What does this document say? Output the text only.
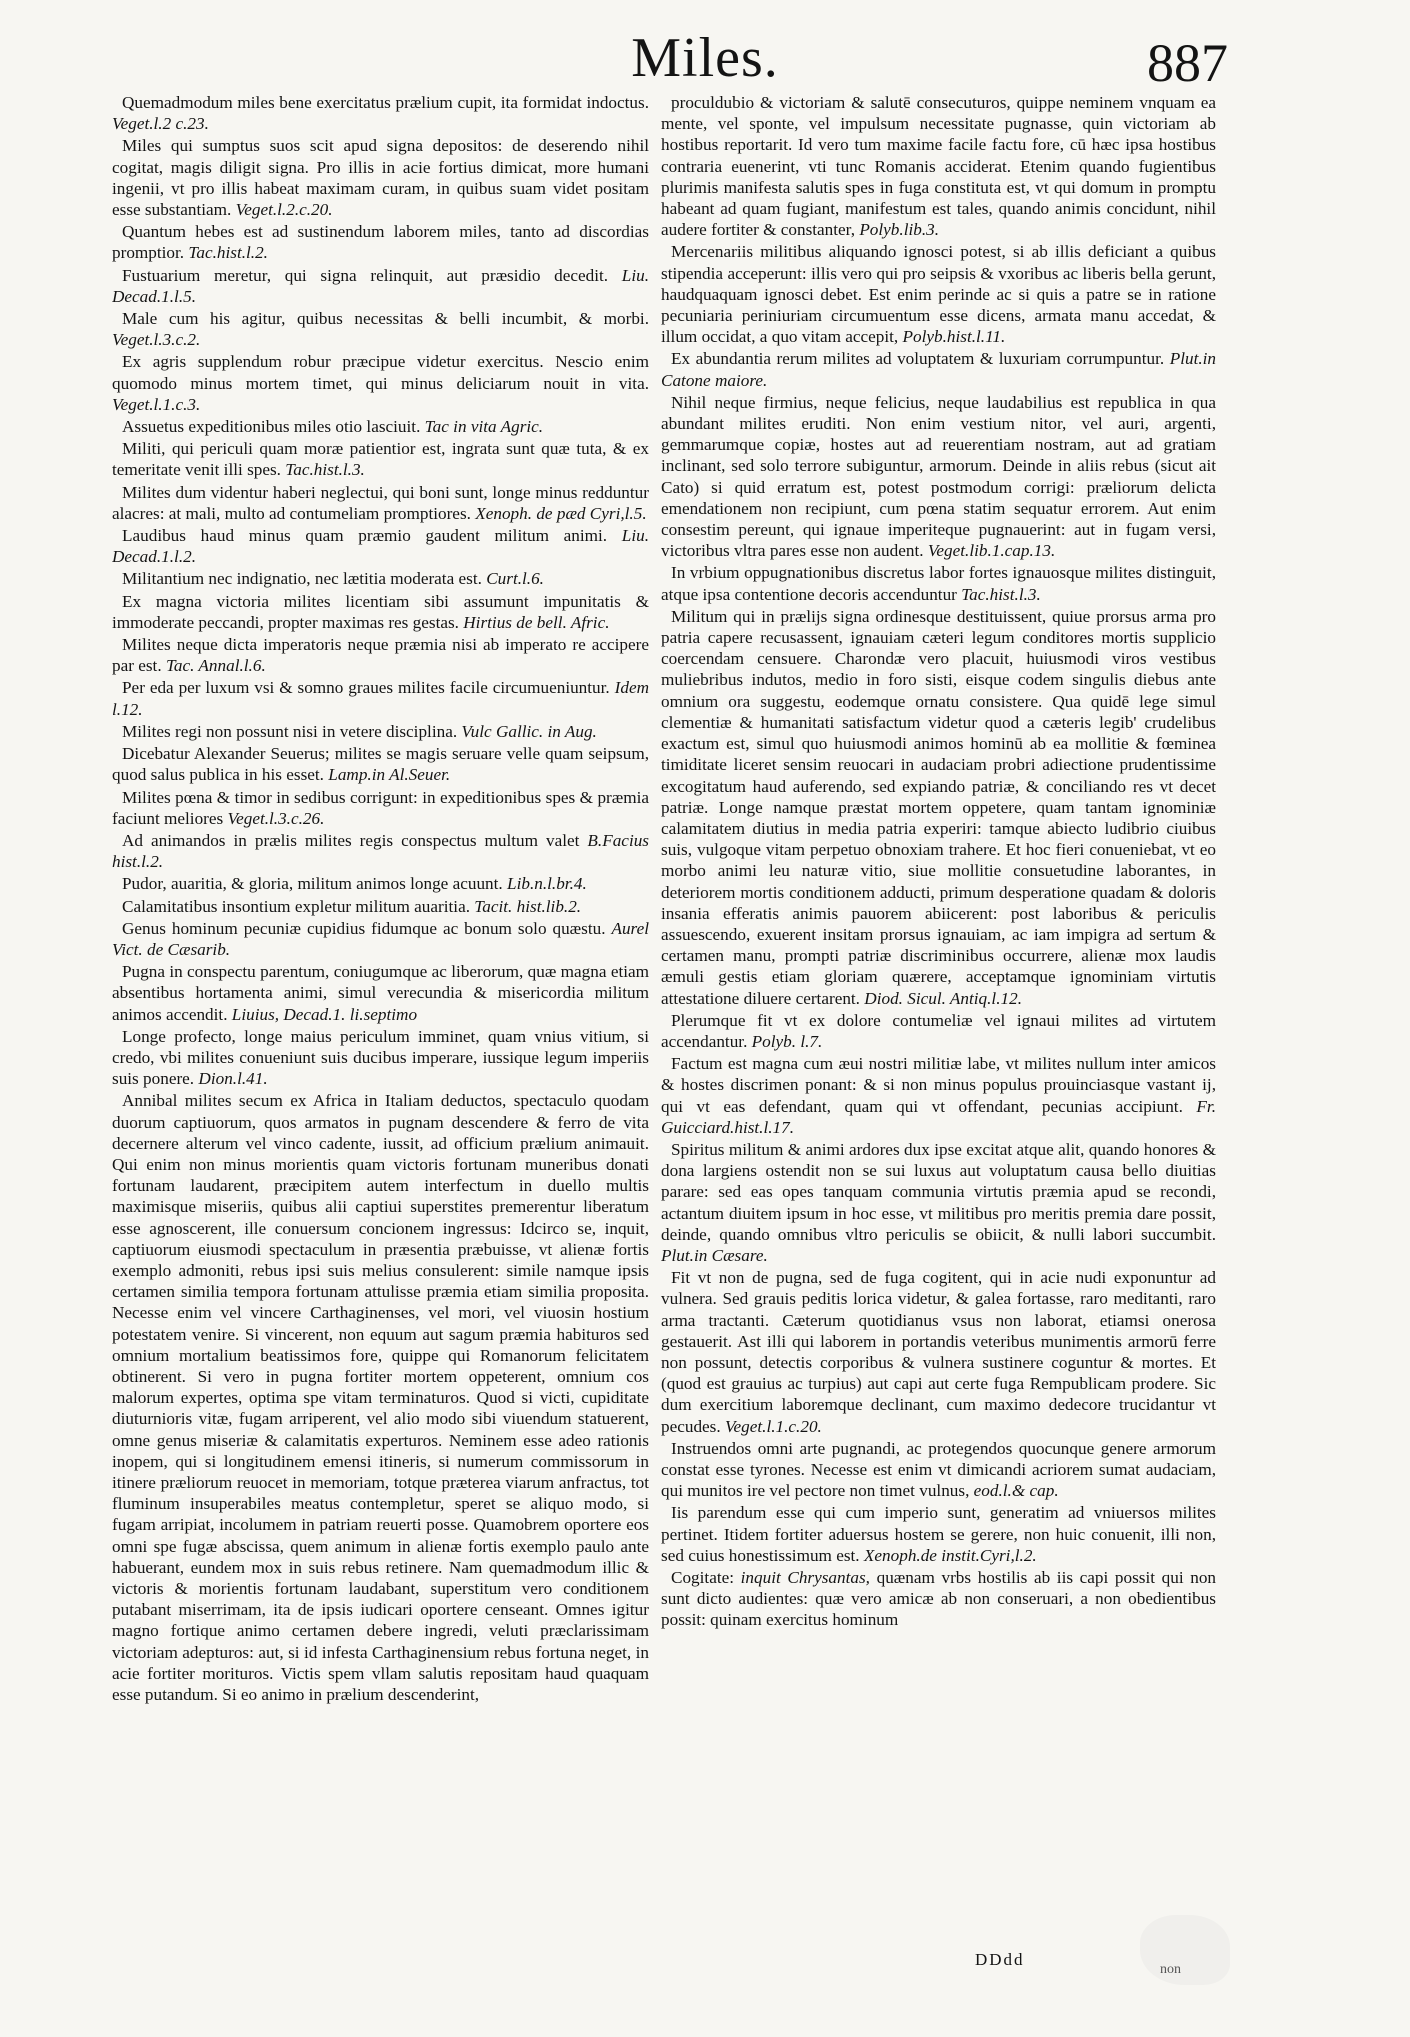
Miles.	887

Quemadmodum miles bene exercitatus prælium cupit, ita formidat indoctus. Veget.l.2 c.23.

Miles qui sumptus suos scit apud signa depositos: de deserendo nihil cogitat, magis diligit signa. Pro illis in acie fortius dimicat, more humani ingenii, vt pro illis habeat maximam curam, in quibus suam videt positam esse substantiam. Veget.l.2.c.20.

Quantum hebes est ad sustinendum laborem miles, tanto ad discordias promptior. Tac.hist.l.2.

Fustuarium meretur, qui signa relinquit, aut præsidio decedit. Liu. Decad.1.l.5.

Male cum his agitur, quibus necessitas & belli incumbit, & morbi. Veget.l.3.c.2.

Ex agris supplendum robur præcipue videtur exercitus. Nescio enim quomodo minus mortem timet, qui minus deliciarum nouit in vita. Veget.l.1.c.3.

Assuetus expeditionibus miles otio lasciuit. Tac in vita Agric.

Militi, qui periculi quam moræ patientior est, ingrata sunt quæ tuta, & ex temeritate venit illi spes. Tac.hist.l.3.

Milites dum videntur haberi neglectui, qui boni sunt, longe minus redduntur alacres: at mali, multo ad contumeliam promptiores. Xenoph. de pæd Cyri,l.5.

Laudibus haud minus quam præmio gaudent militum animi. Liu. Decad.1.l.2.

Militantium nec indignatio, nec lætitia moderata est. Curt.l.6.

Ex magna victoria milites licentiam sibi assumunt impunitatis & immoderate peccandi, propter maximas res gestas. Hirtius de bell. Afric.

Milites neque dicta imperatoris neque præmia nisi ab imperato re accipere par est. Tac. Annal.l.6.

Per eda per luxum vsi & somno graues milites facile circumueniuntur. Idem l.12.

Milites regi non possunt nisi in vetere disciplina. Vulc Gallic. in Aug.

Dicebatur Alexander Seuerus; milites se magis seruare velle quam seipsum, quod salus publica in his esset. Lamp.in Al.Seuer.

Milites pœna & timor in sedibus corrigunt: in expeditionibus spes & præmia faciunt meliores Veget.l.3.c.26.

Ad animandos in prælis milites regis conspectus multum valet B.Facius hist.l.2.

Pudor, auaritia, & gloria, militum animos longe acuunt. Lib.n.l.br.4.

Calamitatibus insontium expletur militum auaritia. Tacit. hist.lib.2.

Genus hominum pecuniæ cupidius fidumque ac bonum solo quæstu. Aurel Vict. de Cæsarib.

Pugna in conspectu parentum, coniugumque ac liberorum, quæ magna etiam absentibus hortamenta animi, simul verecundia & misericordia militum animos accendit. Liuius, Decad.1. li.septimo

Longe profecto, longe maius periculum imminet, quam vnius vitium, si credo, vbi milites conueniunt suis ducibus imperare, iussique legum imperiis suis ponere. Dion.l.41.

Annibal milites secum ex Africa in Italiam deductos, spectaculo quodam duorum captiuorum, quos armatos in pugnam descendere & ferro de vita decernere alterum vel vinco cadente, iussit, ad officium prælium animauit. Qui enim non minus morientis quam victoris fortunam muneribus donati fortunam laudarent, præcipitem autem interfectum in duello multis maximisque miseriis, quibus alii captiui superstites premerentur liberatum esse agnoscerent, ille conuersum concionem ingressus: Idcirco se, inquit, captiuorum eiusmodi spectaculum in præsentia præbuisse, vt alienæ fortis exemplo admoniti, rebus ipsi suis melius consulerent: simile namque ipsis certamen similia tempora fortunam attulisse præmia etiam similia proposita. Necesse enim vel vincere Carthaginenses, vel mori, vel viuosin hostium potestatem venire. Si vincerent, non equum aut sagum præmia habituros sed omnium mortalium beatissimos fore, quippe qui Romanorum felicitatem obtinerent. Si vero in pugna fortiter mortem oppeterent, omnium cos malorum expertes, optima spe vitam terminaturos. Quod si victi, cupiditate diuturnioris vitæ, fugam arriperent, vel alio modo sibi viuendum statuerent, omne genus miseriæ & calamitatis experturos. Neminem esse adeo rationis inopem, qui si longitudinem emensi itineris, si numerum commissorum in itinere præliorum reuocet in memoriam, totque præterea viarum anfractus, tot fluminum insuperabiles meatus contempletur, speret se aliquo modo, si fugam arripiat, incolumem in patriam reuerti posse. Quamobrem oportere eos omni spe fugæ abscissa, quem animum in alienæ fortis exemplo paulo ante habuerant, eundem mox in suis rebus retinere. Nam quemadmodum illic & victoris & morientis fortunam laudabant, superstitum vero conditionem putabant miserrimam, ita de ipsis iudicari oportere censeant. Omnes igitur magno fortique animo certamen debere ingredi, veluti præclarissimam victoriam adepturos: aut, si id infesta Carthaginensium rebus fortuna neget, in acie fortiter morituros. Victis spem vllam salutis repositam haud quaquam esse putandum. Si eo animo in prælium descenderint,

proculdubio & victoriam & salutē consecuturos, quippe neminem vnquam ea mente, vel sponte, vel impulsum necessitate pugnasse, quin victoriam ab hostibus reportarit. Id vero tum maxime facile factu fore, cū hæc ipsa hostibus contraria euenerint, vti tunc Romanis acciderat. Etenim quando fugientibus plurimis manifesta salutis spes in fuga constituta est, vt qui domum in promptu habeant ad quam fugiant, manifestum est tales, quando animis concidunt, nihil audere fortiter & constanter, Polyb.lib.3.

Mercenariis militibus aliquando ignosci potest, si ab illis deficiant a quibus stipendia acceperunt: illis vero qui pro seipsis & vxoribus ac liberis bella gerunt, haudquaquam ignosci debet. Est enim perinde ac si quis a patre se in ratione pecuniaria periniuriam circumuentum esse dicens, armata manu accedat, & illum occidat, a quo vitam accepit, Polyb.hist.l.11.

Ex abundantia rerum milites ad voluptatem & luxuriam corrumpuntur. Plut.in Catone maiore.

Nihil neque firmius, neque felicius, neque laudabilius est republica in qua abundant milites eruditi. Non enim vestium nitor, vel auri, argenti, gemmarumque copiæ, hostes aut ad reuerentiam nostram, aut ad gratiam inclinant, sed solo terrore subiguntur, armorum. Deinde in aliis rebus (sicut ait Cato) si quid erratum est, potest postmodum corrigi: præliorum delicta emendationem non recipiunt, cum pœna statim sequatur errorem. Aut enim consestim pereunt, qui ignaue imperiteque pugnauerint: aut in fugam versi, victoribus vltra pares esse non audent. Veget.lib.1.cap.13.

In vrbium oppugnationibus discretus labor fortes ignauosque milites distinguit, atque ipsa contentione decoris accenduntur Tac.hist.l.3.

Militum qui in prælijs signa ordinesque destituissent, quiue prorsus arma pro patria capere recusassent, ignauiam cæteri legum conditores mortis supplicio coercendam censuere. Charondæ vero placuit, huiusmodi viros vestibus muliebribus indutos, medio in foro sisti, eisque codem singulis diebus ante omnium ora suggestu, eodemque ornatu consistere. Qua quidē lege simul clementiæ & humanitati satisfactum videtur quod a cæteris legib' crudelibus exactum est, simul quo huiusmodi animos hominū ab ea mollitie & fœminea timiditate liceret sensim reuocari in audaciam probri adiectione prudentissime excogitatum haud auferendo, sed expiando patriæ, & conciliando res vt decet patriæ. Longe namque præstat mortem oppetere, quam tantam ignominiæ calamitatem diutius in media patria experiri: tamque abiecto ludibrio ciuibus suis, vulgoque vitam perpetuo obnoxiam trahere. Et hoc fieri conueniebat, vt eo morbo animi leu naturæ vitio, siue mollitie consuetudine laborantes, in deteriorem mortis conditionem adducti, primum desperatione quadam & doloris insania efferatis animis pauorem abiicerent: post laboribus & periculis assuescendo, exuerent insitam prorsus ignauiam, ac iam impigra ad sertum & certamen manu, prompti patriæ discriminibus occurrere, alienæ mox laudis æmuli gestis etiam gloriam quærere, acceptamque ignominiam virtutis attestatione diluere certarent. Diod. Sicul. Antiq.l.12.

Plerumque fit vt ex dolore contumeliæ vel ignaui milites ad virtutem accendantur. Polyb. l.7.

Factum est magna cum æui nostri militiæ labe, vt milites nullum inter amicos & hostes discrimen ponant: & si non minus populus prouinciasque vastant ij, qui vt eas defendant, quam qui vt offendant, pecunias accipiunt. Fr. Guicciard.hist.l.17.

Spiritus militum & animi ardores dux ipse excitat atque alit, quando honores & dona largiens ostendit non se sui luxus aut voluptatum causa bello diuitias parare: sed eas opes tanquam communia virtutis præmia apud se recondi, actantum diuitem ipsum in hoc esse, vt militibus pro meritis premia dare possit, deinde, quando omnibus vltro periculis se obiicit, & nulli labori succumbit. Plut.in Cæsare.

Fit vt non de pugna, sed de fuga cogitent, qui in acie nudi exponuntur ad vulnera. Sed grauis peditis lorica videtur, & galea fortasse, raro meditanti, raro arma tractanti. Cæterum quotidianus vsus non laborat, etiamsi onerosa gestauerit. Ast illi qui laborem in portandis veteribus munimentis armorū ferre non possunt, detectis corporibus & vulnera sustinere coguntur & mortes. Et (quod est grauius ac turpius) aut capi aut certe fuga Rempublicam prodere. Sic dum exercitium laboremque declinant, cum maximo dedecore trucidantur vt pecudes. Veget.l.1.c.20.

Instruendos omni arte pugnandi, ac protegendos quocunque genere armorum constat esse tyrones. Necesse est enim vt dimicandi acriorem sumat audaciam, qui munitos ire vel pectore non timet vulnus, eod.l.& cap.

Iis parendum esse qui cum imperio sunt, generatim ad vniuersos milites pertinet. Itidem fortiter aduersus hostem se gerere, non huic conuenit, illi non, sed cuius honestissimum est. Xenoph.de instit.Cyri,l.2.

Cogitate: inquit Chrysantas, quænam vrbs hostilis ab iis capi possit qui non sunt dicto audientes: quæ vero amicæ ab non conseruari, a non obedientibus possit: quinam exercitus hominum

DDdd
non
